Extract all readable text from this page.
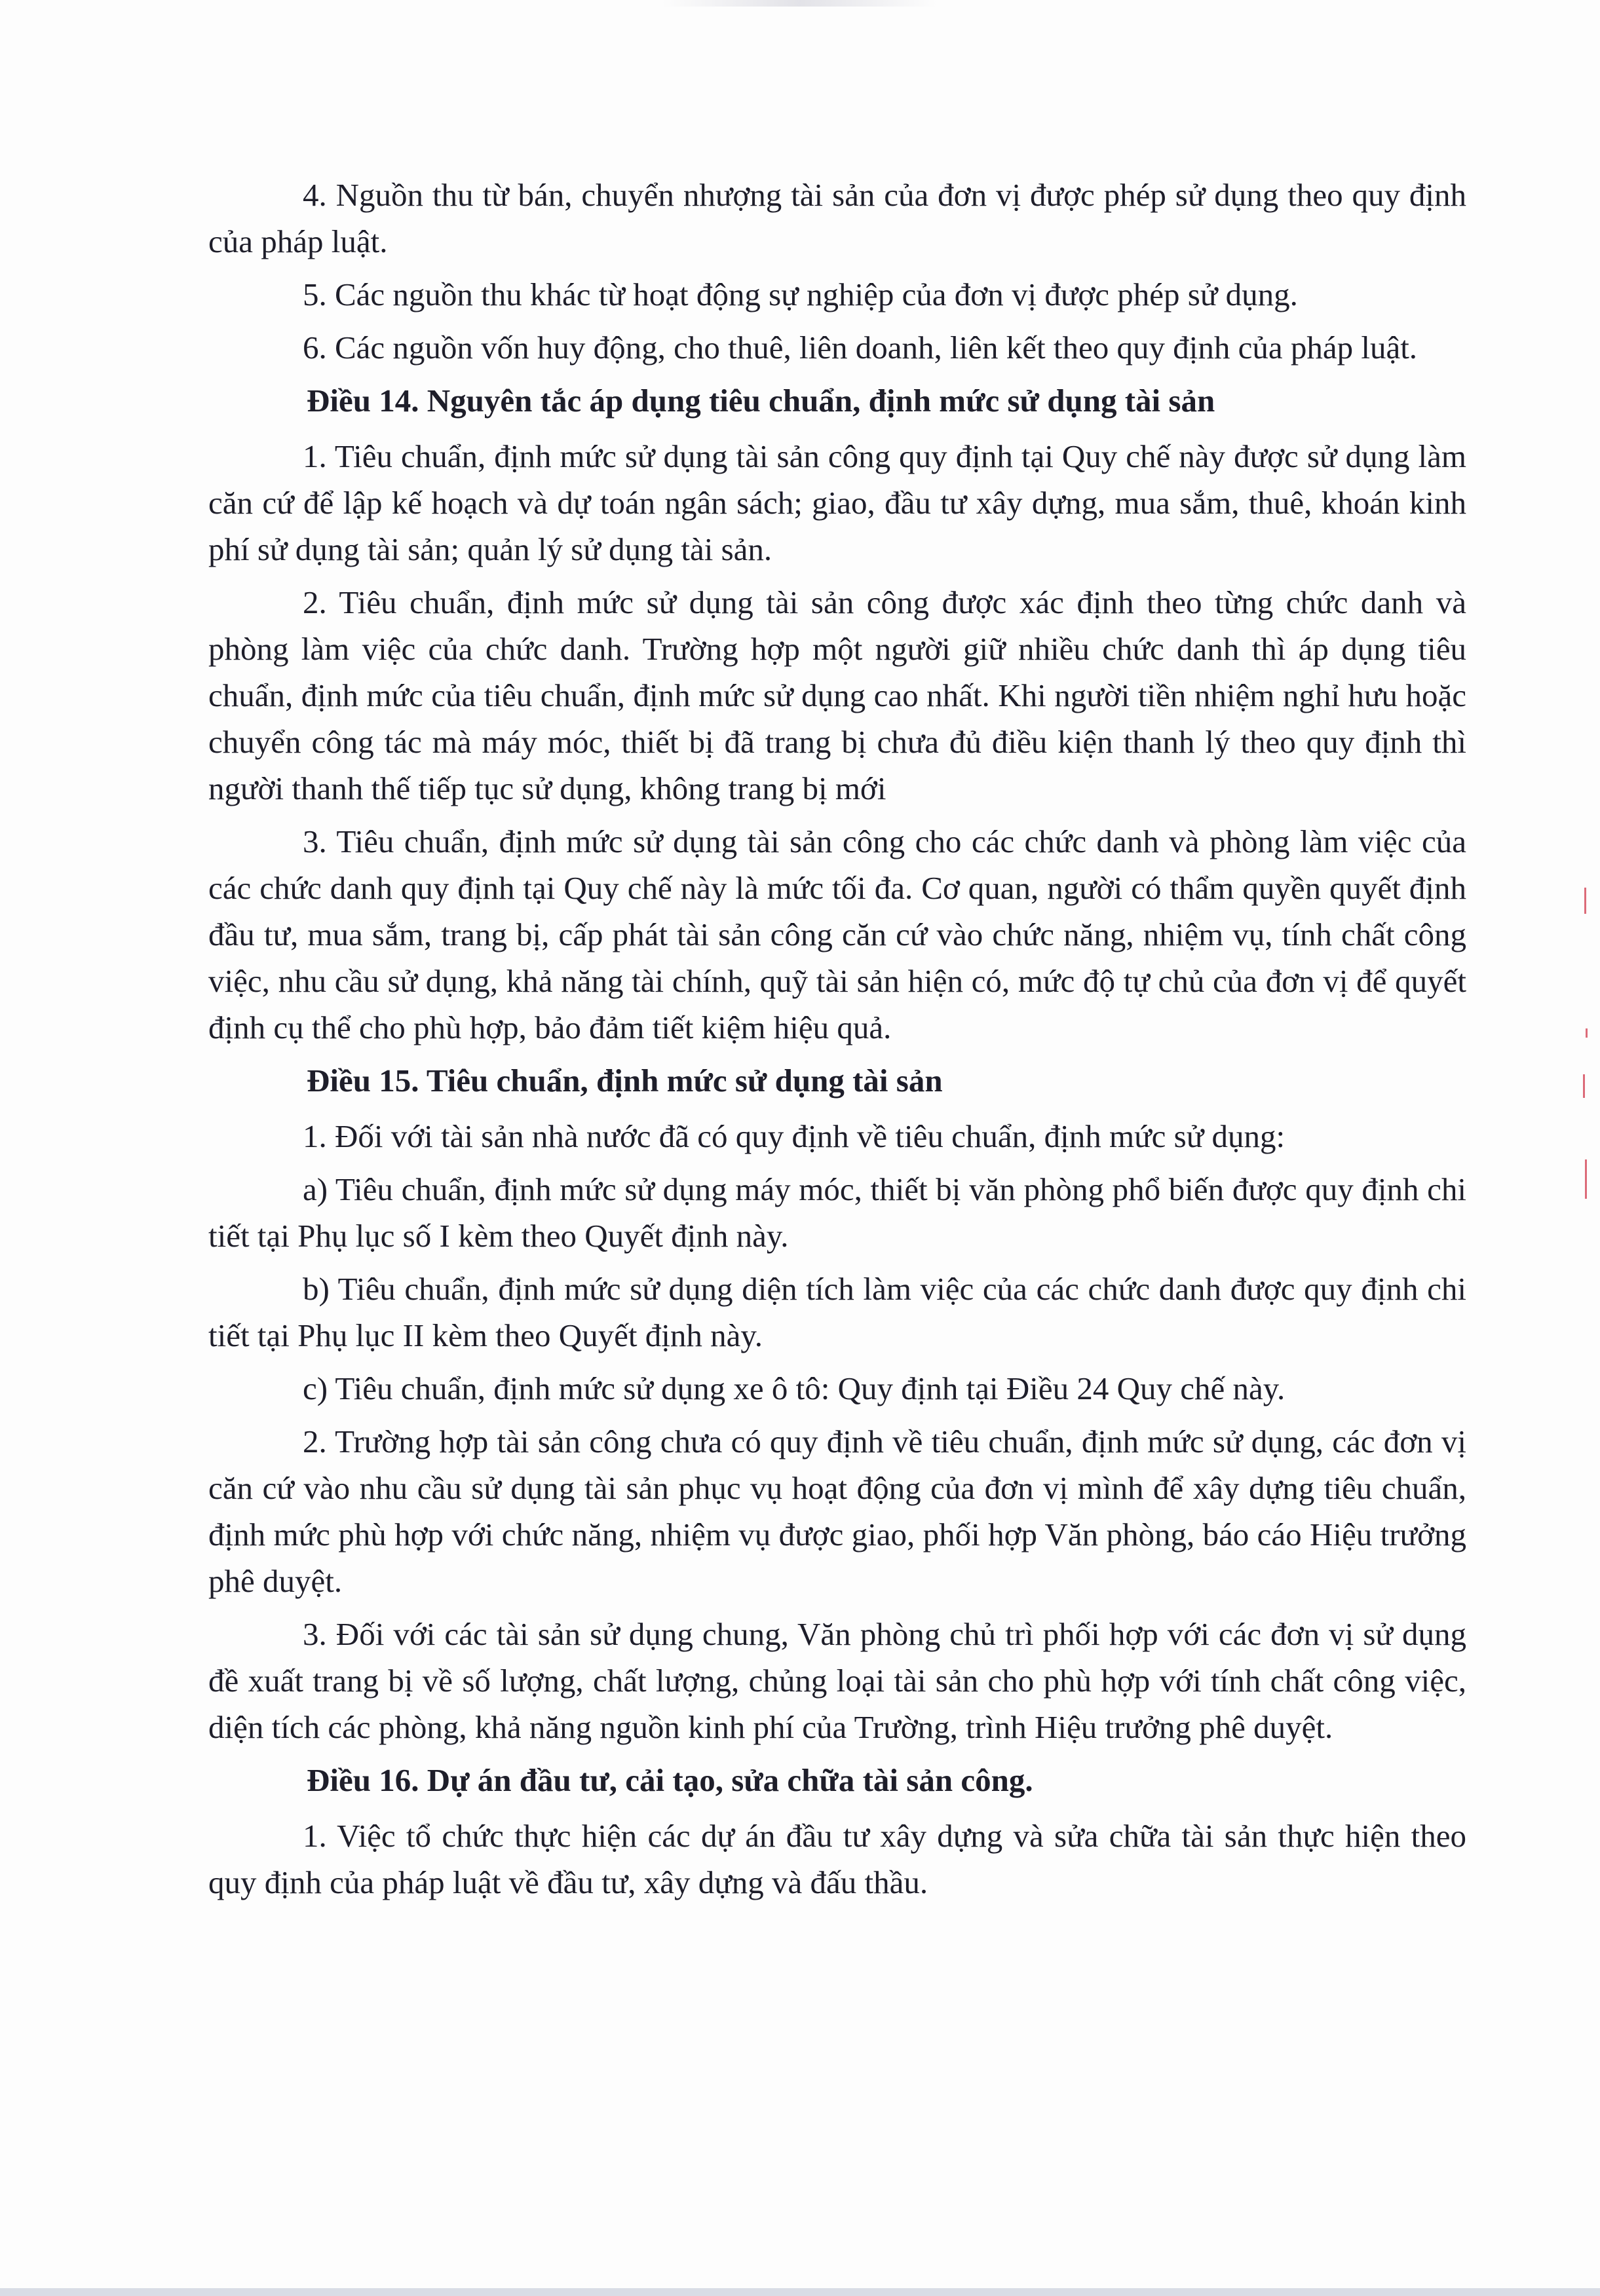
4. Nguồn thu từ bán, chuyển nhượng tài sản của đơn vị được phép sử dụng theo quy định của pháp luật.

5. Các nguồn thu khác từ hoạt động sự nghiệp của đơn vị được phép sử dụng.

6. Các nguồn vốn huy động, cho thuê, liên doanh, liên kết theo quy định của pháp luật.

Điều 14. Nguyên tắc áp dụng tiêu chuẩn, định mức sử dụng tài sản

1. Tiêu chuẩn, định mức sử dụng tài sản công quy định tại Quy chế này được sử dụng làm căn cứ để lập kế hoạch và dự toán ngân sách; giao, đầu tư xây dựng, mua sắm, thuê, khoán kinh phí sử dụng tài sản; quản lý sử dụng tài sản.

2. Tiêu chuẩn, định mức sử dụng tài sản công được xác định theo từng chức danh và phòng làm việc của chức danh. Trường hợp một người giữ nhiều chức danh thì áp dụng tiêu chuẩn, định mức của tiêu chuẩn, định mức sử dụng cao nhất. Khi người tiền nhiệm nghỉ hưu hoặc chuyển công tác mà máy móc, thiết bị đã trang bị chưa đủ điều kiện thanh lý theo quy định thì người thanh thế tiếp tục sử dụng, không trang bị mới

3. Tiêu chuẩn, định mức sử dụng tài sản công cho các chức danh và phòng làm việc của các chức danh quy định tại Quy chế này là mức tối đa. Cơ quan, người có thẩm quyền quyết định đầu tư, mua sắm, trang bị, cấp phát tài sản công căn cứ vào chức năng, nhiệm vụ, tính chất công việc, nhu cầu sử dụng, khả năng tài chính, quỹ tài sản hiện có, mức độ tự chủ của đơn vị để quyết định cụ thể cho phù hợp, bảo đảm tiết kiệm hiệu quả.

Điều 15. Tiêu chuẩn, định mức sử dụng tài sản

1. Đối với tài sản nhà nước đã có quy định về tiêu chuẩn, định mức sử dụng:

a) Tiêu chuẩn, định mức sử dụng máy móc, thiết bị văn phòng phổ biến được quy định chi tiết tại Phụ lục số I kèm theo Quyết định này.

b) Tiêu chuẩn, định mức sử dụng diện tích làm việc của các chức danh được quy định chi tiết tại Phụ lục II kèm theo Quyết định này.

c) Tiêu chuẩn, định mức sử dụng xe ô tô: Quy định tại Điều 24 Quy chế này.

2. Trường hợp tài sản công chưa có quy định về tiêu chuẩn, định mức sử dụng, các đơn vị căn cứ vào nhu cầu sử dụng tài sản phục vụ hoạt động của đơn vị mình để xây dựng tiêu chuẩn, định mức phù hợp với chức năng, nhiệm vụ được giao, phối hợp Văn phòng, báo cáo Hiệu trưởng phê duyệt.

3. Đối với các tài sản sử dụng chung, Văn phòng chủ trì phối hợp với các đơn vị sử dụng đề xuất trang bị về số lượng, chất lượng, chủng loại tài sản cho phù hợp với tính chất công việc, diện tích các phòng, khả năng nguồn kinh phí của Trường, trình Hiệu trưởng phê duyệt.

Điều 16. Dự án đầu tư, cải tạo, sửa chữa tài sản công.

1. Việc tổ chức thực hiện các dự án đầu tư xây dựng và sửa chữa tài sản thực hiện theo quy định của pháp luật về đầu tư, xây dựng và đấu thầu.
